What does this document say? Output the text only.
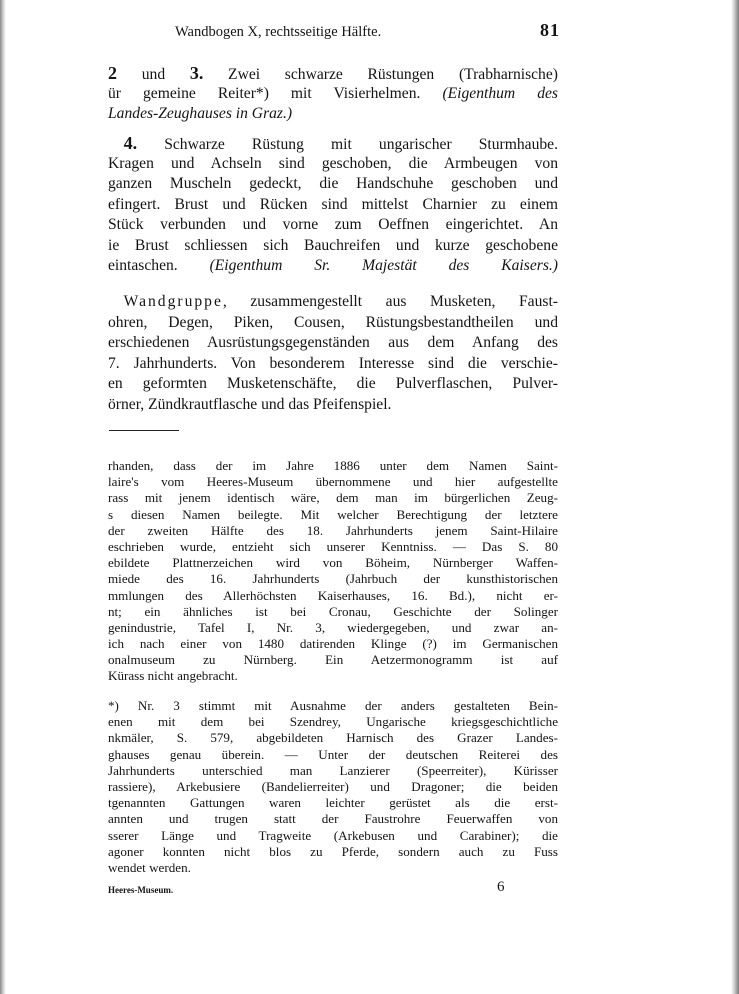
Wandbogen X, rechtsseitige Hälfte.	81
2 und 3. Zwei schwarze Rüstungen (Trabharnische)
ür gemeine Reiter*) mit Visierhelmen. (Eigenthum des
Landes-Zeughauses in Graz.)
 4. Schwarze Rüstung mit ungarischer Sturmhaube.
Kragen und Achseln sind geschoben, die Armbeugen von
ganzen Muscheln gedeckt, die Handschuhe geschoben und
efingert. Brust und Rücken sind mittelst Charnier zu einem
Stück verbunden und vorne zum Oeffnen eingerichtet. An
ie Brust schliessen sich Bauchreifen und kurze geschobene
eintaschen. (Eigenthum Sr. Majestät des Kaisers.)
 Wandgruppe, zusammengestellt aus Musketen, Faust-
ohren, Degen, Piken, Cousen, Rüstungsbestandtheilen und
erschiedenen Ausrüstungsgegenständen aus dem Anfang des
7. Jahrhunderts. Von besonderem Interesse sind die verschie-
en geformten Musketenschäfte, die Pulverflaschen, Pulver-
örner, Zündkrautflasche und das Pfeifenspiel.
rhanden, dass der im Jahre 1886 unter dem Namen Saint-
laire's vom Heeres-Museum übernommene und hier aufgestellte
rass mit jenem identisch wäre, dem man im bürgerlichen Zeug-
s diesen Namen beilegte. Mit welcher Berechtigung der letztere
der zweiten Hälfte des 18. Jahrhunderts jenem Saint-Hilaire
eschrieben wurde, entzieht sich unserer Kenntniss. — Das S. 80
ebildete Plattnerzeichen wird von Böheim, Nürnberger Waffen-
miede des 16. Jahrhunderts (Jahrbuch der kunsthistorischen
mmlungen des Allerhöchsten Kaiserhauses, 16. Bd.), nicht er-
nt; ein ähnliches ist bei Cronau, Geschichte der Solinger
genindustrie, Tafel I, Nr. 3, wiedergegeben, und zwar an-
ich nach einer von 1480 datirenden Klinge (?) im Germanischen
onalmuseum zu Nürnberg. Ein Aetzermonogramm ist auf
Kürass nicht angebracht.
*) Nr. 3 stimmt mit Ausnahme der anders gestalteten Bein-
enen mit dem bei Szendrey, Ungarische kriegsgeschichtliche
nkmäler, S. 579, abgebildeten Harnisch des Grazer Landes-
ghauses genau überein. — Unter der deutschen Reiterei des
Jahrhunderts unterschied man Lanzierer (Speerreiter), Kürisser
rassiere), Arkebusiere (Bandelierreiter) und Dragoner; die beiden
tgenannten Gattungen waren leichter gerüstet als die erst-
annten und trugen statt der Faustrohre Feuerwaffen von
sserer Länge und Tragweite (Arkebusen und Carabiner); die
agoner konnten nicht blos zu Pferde, sondern auch zu Fuss
wendet werden.
Heeres-Museum.	6
